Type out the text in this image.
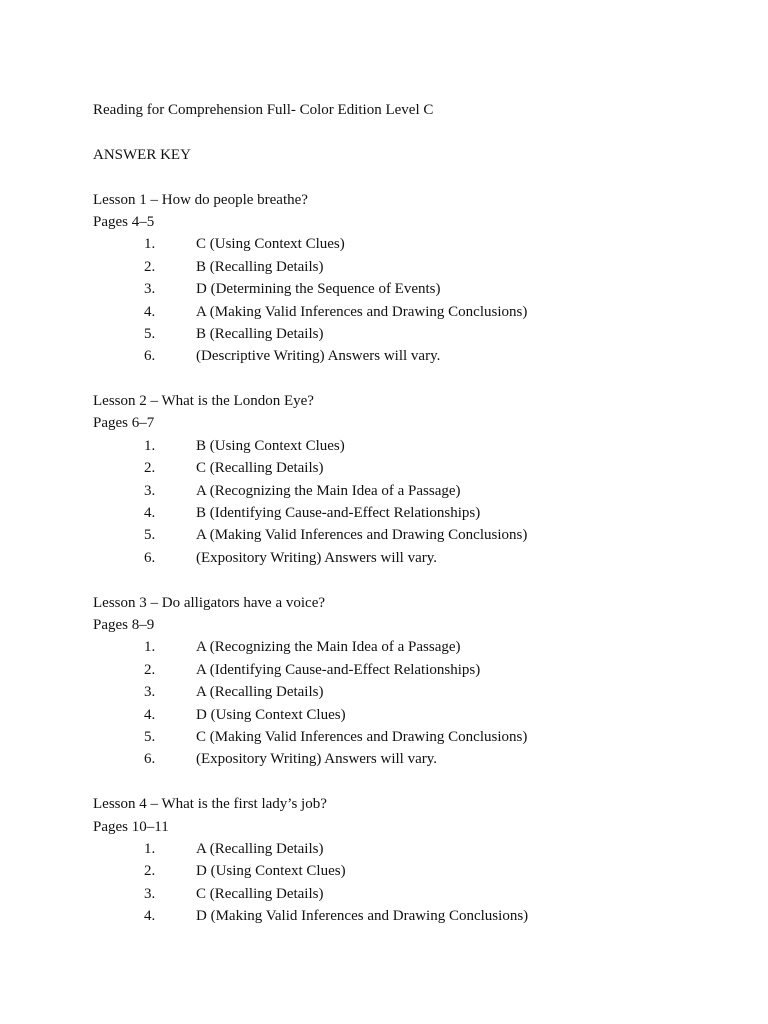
Reading for Comprehension Full- Color Edition Level C
ANSWER KEY
Lesson 1 – How do people breathe?
Pages 4–5
1.	C (Using Context Clues)
2.	B (Recalling Details)
3.	D (Determining the Sequence of Events)
4.	A (Making Valid Inferences and Drawing Conclusions)
5.	B (Recalling Details)
6.	(Descriptive Writing) Answers will vary.
Lesson 2 – What is the London Eye?
Pages 6–7
1.	B (Using Context Clues)
2.	C (Recalling Details)
3.	A (Recognizing the Main Idea of a Passage)
4.	B (Identifying Cause-and-Effect Relationships)
5.	A (Making Valid Inferences and Drawing Conclusions)
6.	(Expository Writing) Answers will vary.
Lesson 3 – Do alligators have a voice?
Pages 8–9
1.	A (Recognizing the Main Idea of a Passage)
2.	A (Identifying Cause-and-Effect Relationships)
3.	A (Recalling Details)
4.	D (Using Context Clues)
5.	C (Making Valid Inferences and Drawing Conclusions)
6.	(Expository Writing) Answers will vary.
Lesson 4 – What is the first lady’s job?
Pages 10–11
1.	A (Recalling Details)
2.	D (Using Context Clues)
3.	C (Recalling Details)
4.	D (Making Valid Inferences and Drawing Conclusions)
